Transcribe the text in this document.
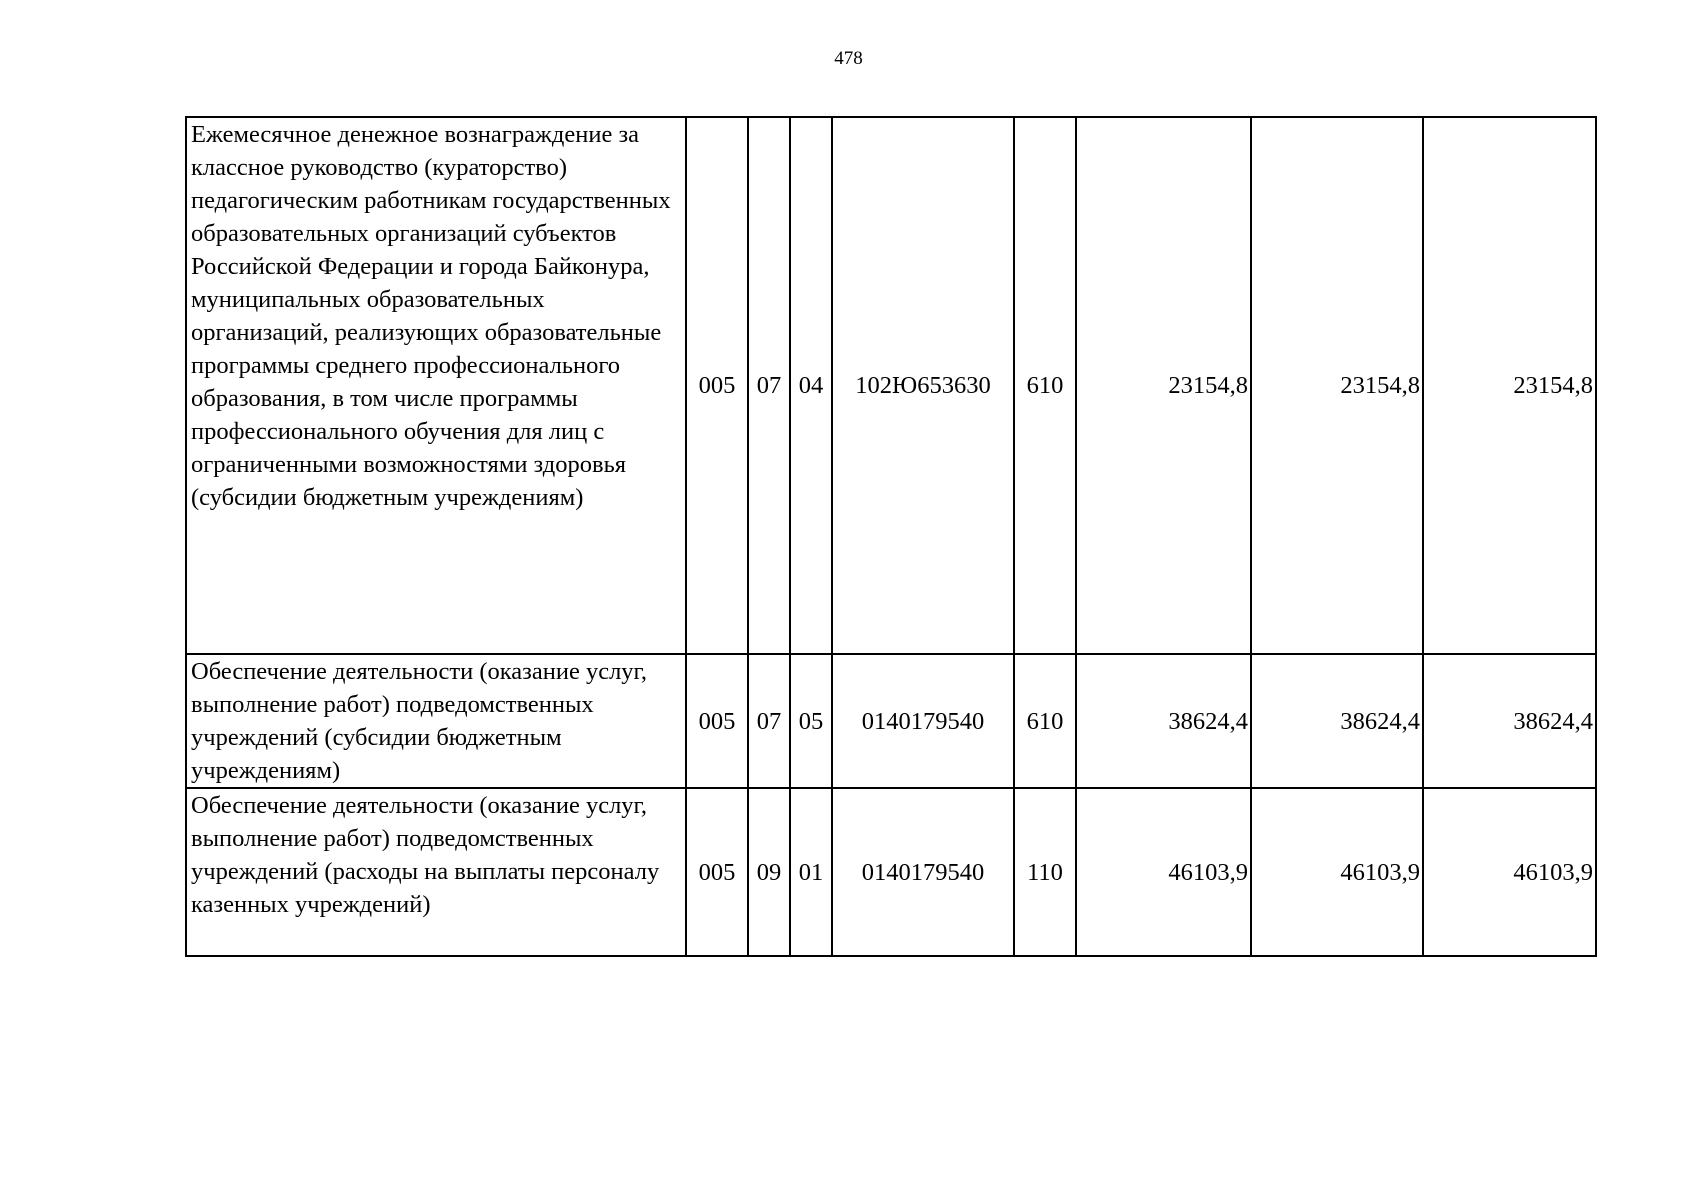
478
Ежемесячное денежное вознаграждение за классное руководство (кураторство) педагогическим работникам государственных образовательных организаций субъектов Российской Федерации и города Байконура, муниципальных образовательных организаций, реализующих образовательные программы среднего профессионального образования, в том числе программы профессионального обучения для лиц с ограниченными возможностями здоровья (субсидии бюджетным учреждениям)	005	07	04	102Ю653630	610	23154,8	23154,8	23154,8
Обеспечение деятельности (оказание услуг, выполнение работ) подведомственных учреждений (субсидии бюджетным учреждениям)	005	07	05	0140179540	610	38624,4	38624,4	38624,4
Обеспечение деятельности (оказание услуг, выполнение работ) подведомственных учреждений (расходы на выплаты персоналу казенных учреждений)	005	09	01	0140179540	110	46103,9	46103,9	46103,9
